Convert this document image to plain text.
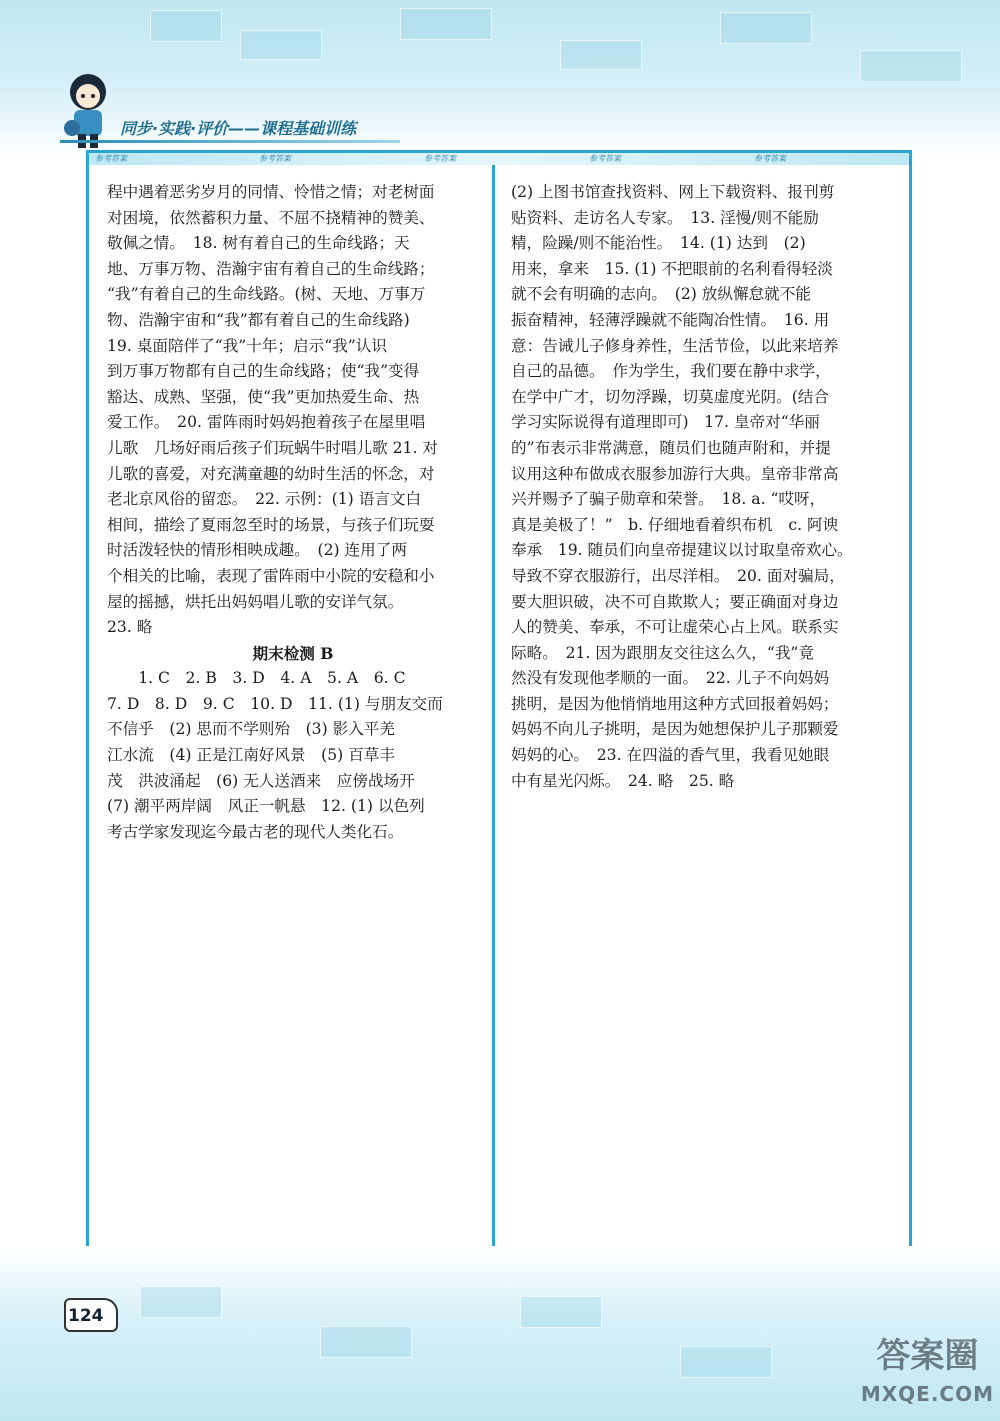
同步·实践·评价——课程基础训练
参考答案	参考答案	参考答案	参考答案	参考答案

程中遇着恶劣岁月的同情、怜惜之情；对老树面

对困境，依然蓄积力量、不屈不挠精神的赞美、

敬佩之情。　18. 树有着自己的生命线路；天

地、万事万物、浩瀚宇宙有着自己的生命线路；

“我”有着自己的生命线路。(树、天地、万事万

物、浩瀚宇宙和“我”都有着自己的生命线路)

19. 桌面陪伴了“我”十年；启示“我”认识

到万事万物都有自己的生命线路；使“我”变得

豁达、成熟、坚强，使“我”更加热爱生命、热

爱工作。　20. 雷阵雨时妈妈抱着孩子在屋里唱

儿歌　几场好雨后孩子们玩蜗牛时唱儿歌 21. 对

儿歌的喜爱，对充满童趣的幼时生活的怀念，对

老北京风俗的留恋。　22. 示例：(1) 语言文白

相间，描绘了夏雨忽至时的场景，与孩子们玩耍

时活泼轻快的情形相映成趣。　(2) 连用了两

个相关的比喻，表现了雷阵雨中小院的安稳和小

屋的摇撼，烘托出妈妈唱儿歌的安详气氛。

23. 略

期末检测 B

　　1. C　2. B　3. D　4. A　5. A　6. C

7. D　8. D　9. C　10. D　11. (1) 与朋友交而

不信乎　(2) 思而不学则殆　(3) 影入平羌

江水流　(4) 正是江南好风景　(5) 百草丰

茂　洪波涌起　(6) 无人送酒来　应傍战场开

(7) 潮平两岸阔　风正一帆悬　12. (1) 以色列

考古学家发现迄今最古老的现代人类化石。

(2) 上图书馆查找资料、网上下载资料、报刊剪

贴资料、走访名人专家。　13. 淫慢/则不能励

精，险躁/则不能治性。　14. (1) 达到　(2)

用来，拿来　15. (1) 不把眼前的名利看得轻淡

就不会有明确的志向。　(2) 放纵懈怠就不能

振奋精神，轻薄浮躁就不能陶冶性情。　16. 用

意：告诫儿子修身养性，生活节俭，以此来培养

自己的品德。　作为学生，我们要在静中求学，

在学中广才，切勿浮躁，切莫虚度光阴。(结合

学习实际说得有道理即可)　17. 皇帝对“华丽

的”布表示非常满意，随员们也随声附和，并提

议用这种布做成衣服参加游行大典。皇帝非常高

兴并赐予了骗子勋章和荣誉。　18. a. “哎呀，

真是美极了！”　b. 仔细地看着织布机　c. 阿谀

奉承　19. 随员们向皇帝提建议以讨取皇帝欢心。

导致不穿衣服游行，出尽洋相。　20. 面对骗局，

要大胆识破，决不可自欺欺人；要正确面对身边

人的赞美、奉承，不可让虚荣心占上风。联系实

际略。　21. 因为跟朋友交往这么久，“我”竟

然没有发现他孝顺的一面。　22. 儿子不向妈妈

挑明，是因为他悄悄地用这种方式回报着妈妈；

妈妈不向儿子挑明，是因为她想保护儿子那颗爱

妈妈的心。　23. 在四溢的香气里，我看见她眼

中有星光闪烁。　24. 略　25. 略

124
答案圈
MXQE.COM
